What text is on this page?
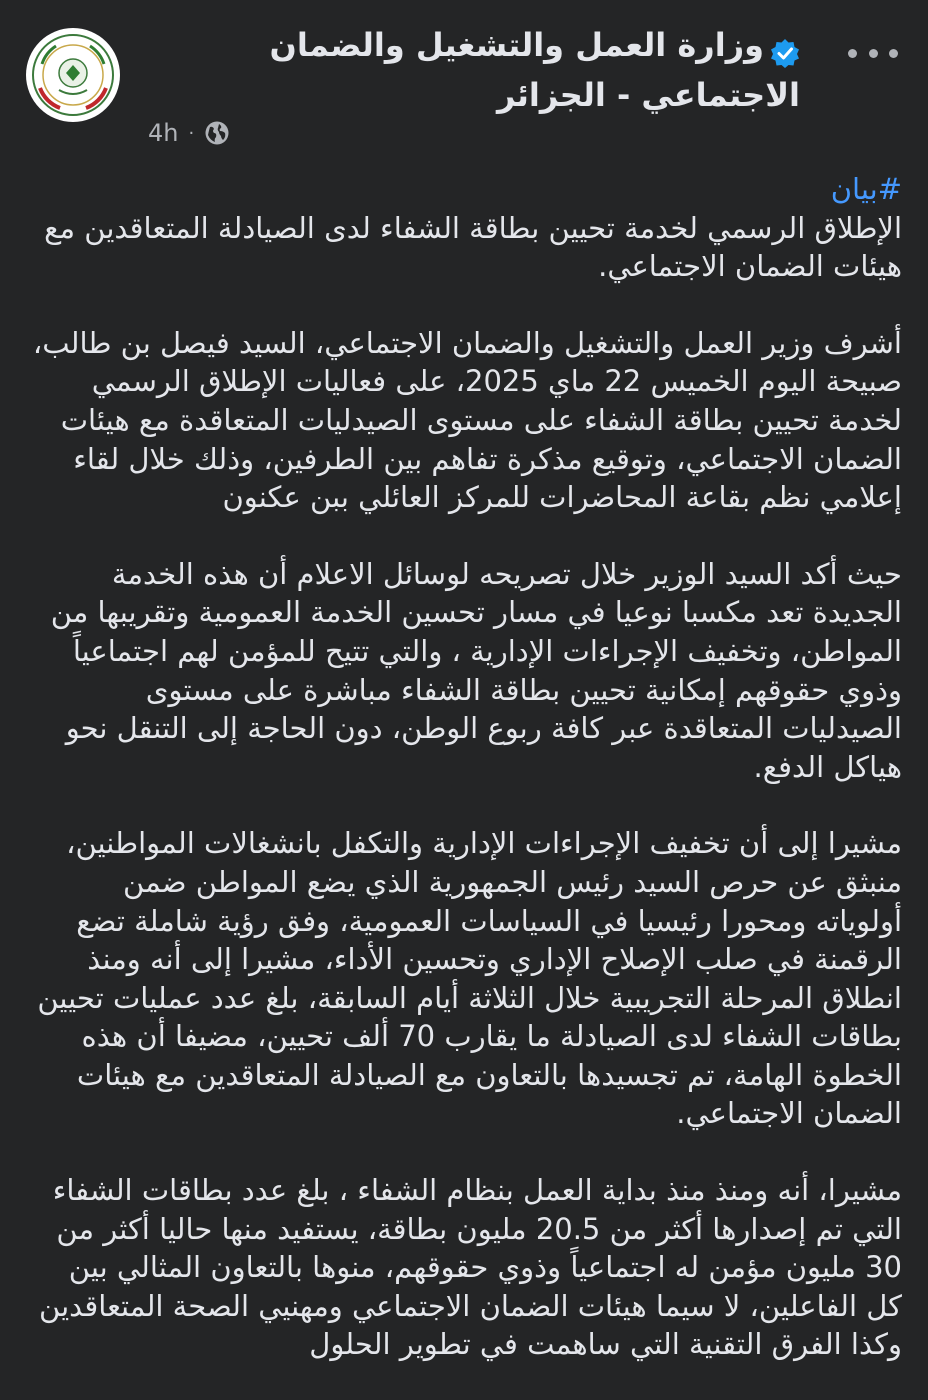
وزارة العمل والتشغيل والضمان الاجتماعي - الجزائر
4h ·

#بيان

الإطلاق الرسمي لخدمة تحيين بطاقة الشفاء لدى الصيادلة المتعاقدين مع هيئات الضمان الاجتماعي.

أشرف وزير العمل والتشغيل والضمان الاجتماعي، السيد فيصل بن طالب، صبيحة اليوم الخميس 22 ماي 2025، على فعاليات الإطلاق الرسمي لخدمة تحيين بطاقة الشفاء على مستوى الصيدليات المتعاقدة مع هيئات الضمان الاجتماعي، وتوقيع مذكرة تفاهم بين الطرفين، وذلك خلال لقاء إعلامي نظم بقاعة المحاضرات للمركز العائلي ببن عكنون

حيث أكد السيد الوزير خلال تصريحه لوسائل الاعلام أن هذه الخدمة الجديدة تعد مكسبا نوعيا في مسار تحسين الخدمة العمومية وتقريبها من المواطن، وتخفيف الإجراءات الإدارية ، والتي تتيح للمؤمن لهم اجتماعياً وذوي حقوقهم إمكانية تحيين بطاقة الشفاء مباشرة على مستوى الصيدليات المتعاقدة عبر كافة ربوع الوطن، دون الحاجة إلى التنقل نحو هياكل الدفع.

مشيرا إلى أن تخفيف الإجراءات الإدارية والتكفل بانشغالات المواطنين، منبثق عن حرص السيد رئيس الجمهورية الذي يضع المواطن ضمن أولوياته ومحورا رئيسيا في السياسات العمومية، وفق رؤية شاملة تضع الرقمنة في صلب الإصلاح الإداري وتحسين الأداء، مشيرا إلى أنه ومنذ انطلاق المرحلة التجريبية خلال الثلاثة أيام السابقة، بلغ عدد عمليات تحيين بطاقات الشفاء لدى الصيادلة ما يقارب 70 ألف تحيين، مضيفا أن هذه الخطوة الهامة، تم تجسيدها بالتعاون مع الصيادلة المتعاقدين مع هيئات الضمان الاجتماعي.

مشيرا، أنه ومنذ منذ بداية العمل بنظام الشفاء ، بلغ عدد بطاقات الشفاء التي تم إصدارها أكثر من 20.5 مليون بطاقة، يستفيد منها حاليا أكثر من 30 مليون مؤمن له اجتماعياً وذوي حقوقهم، منوها بالتعاون المثالي بين كل الفاعلين، لا سيما هيئات الضمان الاجتماعي ومهنيي الصحة المتعاقدين وكذا الفرق التقنية التي ساهمت في تطوير الحلول
